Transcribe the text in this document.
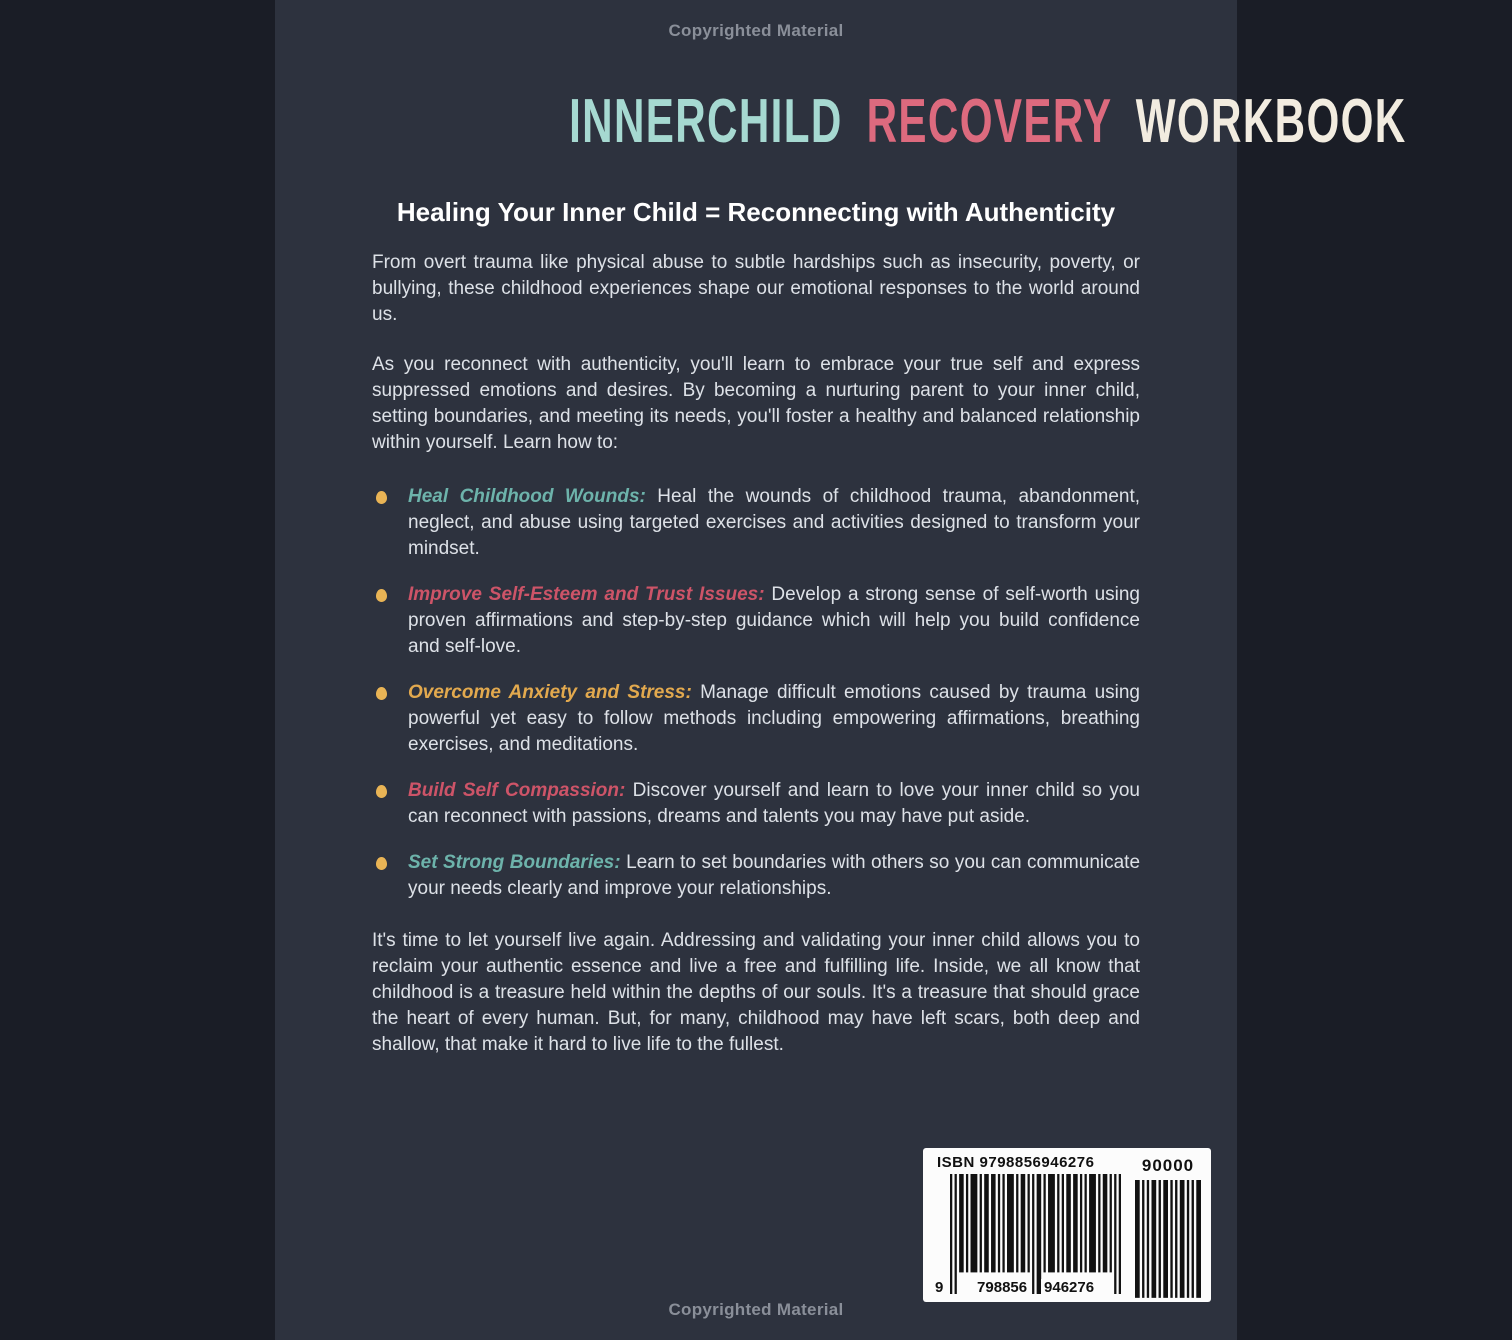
Copyrighted Material
INNERCHILD RECOVERY WORKBOOK
Healing Your Inner Child = Reconnecting with Authenticity

From overt trauma like physical abuse to subtle hardships such as insecurity, poverty, or bullying, these childhood experiences shape our emotional responses to the world around us.

As you reconnect with authenticity, you'll learn to embrace your true self and express suppressed emotions and desires. By becoming a nurturing parent to your inner child, setting boundaries, and meeting its needs, you'll foster a healthy and balanced relationship within yourself. Learn how to:

Heal Childhood Wounds: Heal the wounds of childhood trauma, abandonment, neglect, and abuse using targeted exercises and activities designed to transform your mindset.
Improve Self-Esteem and Trust Issues: Develop a strong sense of self-worth using proven affirmations and step-by-step guidance which will help you build confidence and self-love.
Overcome Anxiety and Stress: Manage difficult emotions caused by trauma using powerful yet easy to follow methods including empowering affirmations, breathing exercises, and meditations.
Build Self Compassion: Discover yourself and learn to love your inner child so you can reconnect with passions, dreams and talents you may have put aside.
Set Strong Boundaries: Learn to set boundaries with others so you can communicate your needs clearly and improve your relationships.

It's time to let yourself live again. Addressing and validating your inner child allows you to reclaim your authentic essence and live a free and fulfilling life. Inside, we all know that childhood is a treasure held within the depths of our souls. It's a treasure that should grace the heart of every human. But, for many, childhood may have left scars, both deep and shallow, that make it hard to live life to the fullest.

ISBN 9798856946276
9 798856 946276
90000
Copyrighted Material
